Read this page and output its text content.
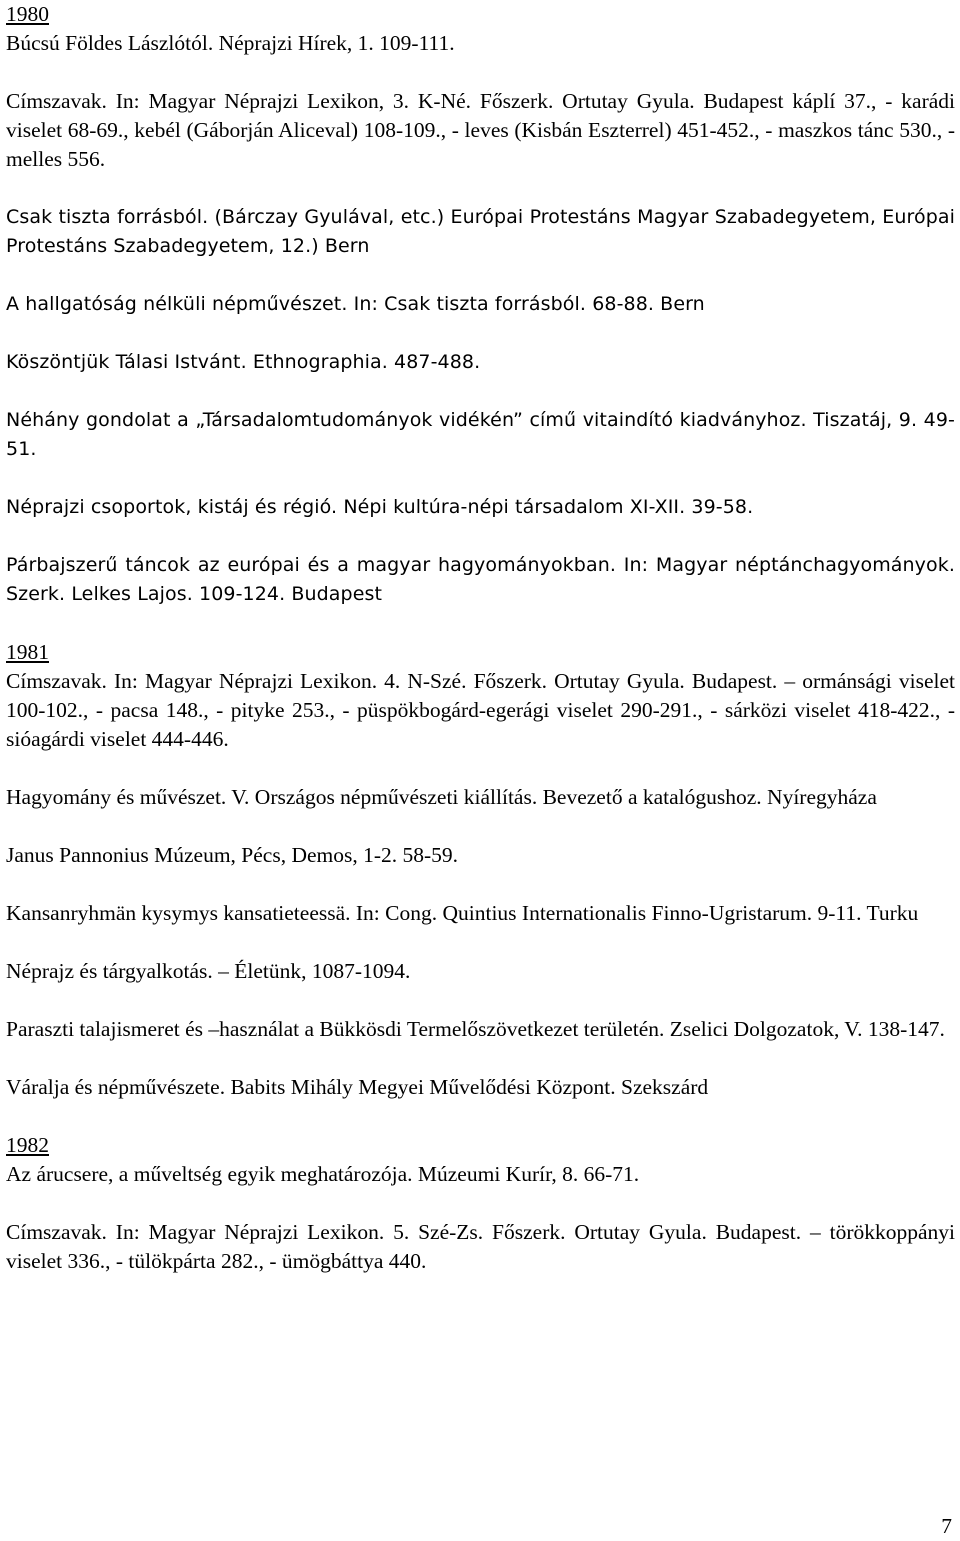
1980

Búcsú Földes Lászlótól. Néprajzi Hírek, 1. 109-111.

Címszavak. In: Magyar Néprajzi Lexikon, 3. K-Né. Főszerk. Ortutay Gyula. Budapest káplí 37., - karádi viselet 68-69., kebél (Gáborján Aliceval) 108-109., - leves (Kisbán Eszterrel) 451-452., - maszkos tánc 530., - melles 556.

Csak tiszta forrásból. (Bárczay Gyulával, etc.) Európai Protestáns Magyar Szabadegyetem, Európai Protestáns Szabadegyetem, 12.) Bern

A hallgatóság nélküli népművészet. In: Csak tiszta forrásból. 68-88. Bern

Köszöntjük Tálasi Istvánt. Ethnographia. 487-488.

Néhány gondolat a „Társadalomtudományok vidékén” című vitaindító kiadványhoz. Tiszatáj, 9. 49-51.

Néprajzi csoportok, kistáj és régió. Népi kultúra-népi társadalom XI-XII. 39-58.

Párbajszerű táncok az európai és a magyar hagyományokban. In: Magyar néptánchagyományok. Szerk. Lelkes Lajos. 109-124. Budapest

1981

Címszavak. In: Magyar Néprajzi Lexikon. 4. N-Szé. Főszerk. Ortutay Gyula. Budapest. – ormánsági viselet 100-102., - pacsa 148., - pityke 253., - püspökbogárd-egerági viselet 290-291., - sárközi viselet 418-422., - sióagárdi viselet 444-446.

Hagyomány és művészet. V. Országos népművészeti kiállítás. Bevezető a katalógushoz. Nyíregyháza

Janus Pannonius Múzeum, Pécs, Demos, 1-2. 58-59.

Kansanryhmän kysymys kansatieteessä. In: Cong. Quintius Internationalis Finno-Ugristarum. 9-11. Turku

Néprajz és tárgyalkotás. – Életünk, 1087-1094.

Paraszti talajismeret és –használat a Bükkösdi Termelőszövetkezet területén. Zselici Dolgozatok, V. 138-147.

Váralja és népművészete. Babits Mihály Megyei Művelődési Központ. Szekszárd

1982

Az árucsere, a műveltség egyik meghatározója. Múzeumi Kurír, 8. 66-71.

Címszavak. In: Magyar Néprajzi Lexikon. 5. Szé-Zs. Főszerk. Ortutay Gyula. Budapest. – törökkoppányi viselet 336., - tülökpárta 282., - ümögbáttya 440.

7
